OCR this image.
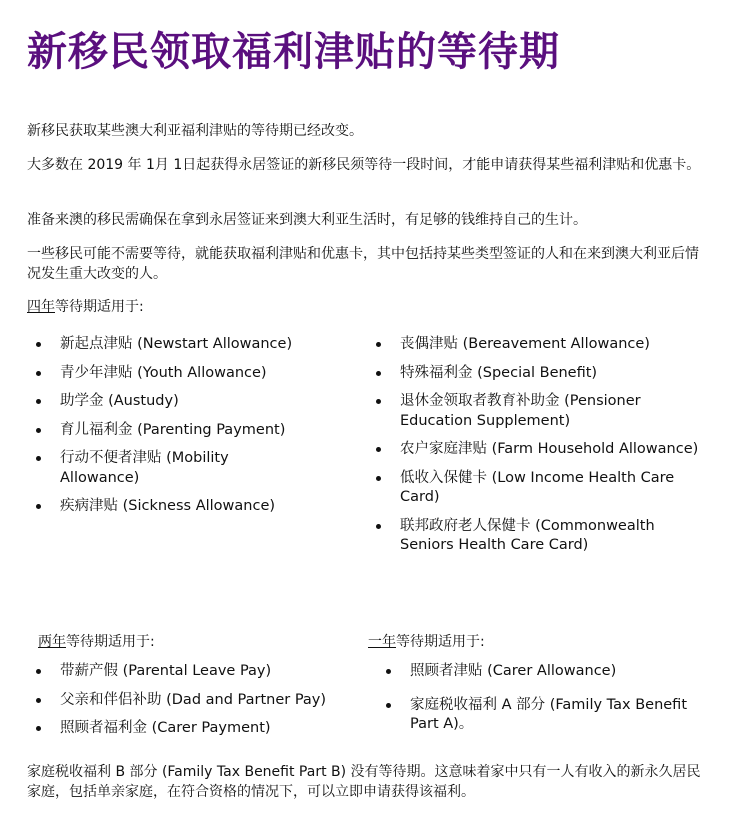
新移民领取福利津贴的等待期

新移民获取某些澳大利亚福利津贴的等待期已经改变。

大多数在 2019 年 1月 1日起获得永居签证的新移民须等待一段时间，才能申请获得某些福利津贴和优惠卡。

准备来澳的移民需确保在拿到永居签证来到澳大利亚生活时，有足够的钱维持自己的生计。

一些移民可能不需要等待，就能获取福利津贴和优惠卡，其中包括持某些类型签证的人和在来到澳大利亚后情况发生重大改变的人。

四年等待期适用于:
新起点津贴 (Newstart Allowance)
青少年津贴 (Youth Allowance)
助学金 (Austudy)
育儿福利金 (Parenting Payment)
行动不便者津贴 (Mobility Allowance)
疾病津贴 (Sickness Allowance)
丧偶津贴 (Bereavement Allowance)
特殊福利金 (Special Benefit)
退休金领取者教育补助金 (Pensioner Education Supplement)
农户家庭津贴 (Farm Household Allowance)
低收入保健卡 (Low Income Health Care Card)
联邦政府老人保健卡 (Commonwealth Seniors Health Care Card)
两年等待期适用于:
带薪产假 (Parental Leave Pay)
父亲和伴侣补助 (Dad and Partner Pay)
照顾者福利金 (Carer Payment)
一年等待期适用于:
照顾者津贴 (Carer Allowance)
家庭税收福利 A 部分 (Family Tax Benefit Part A)。

家庭税收福利 B 部分 (Family Tax Benefit Part B) 没有等待期。这意味着家中只有一人有收入的新永久居民家庭，包括单亲家庭，在符合资格的情况下，可以立即申请获得该福利。
